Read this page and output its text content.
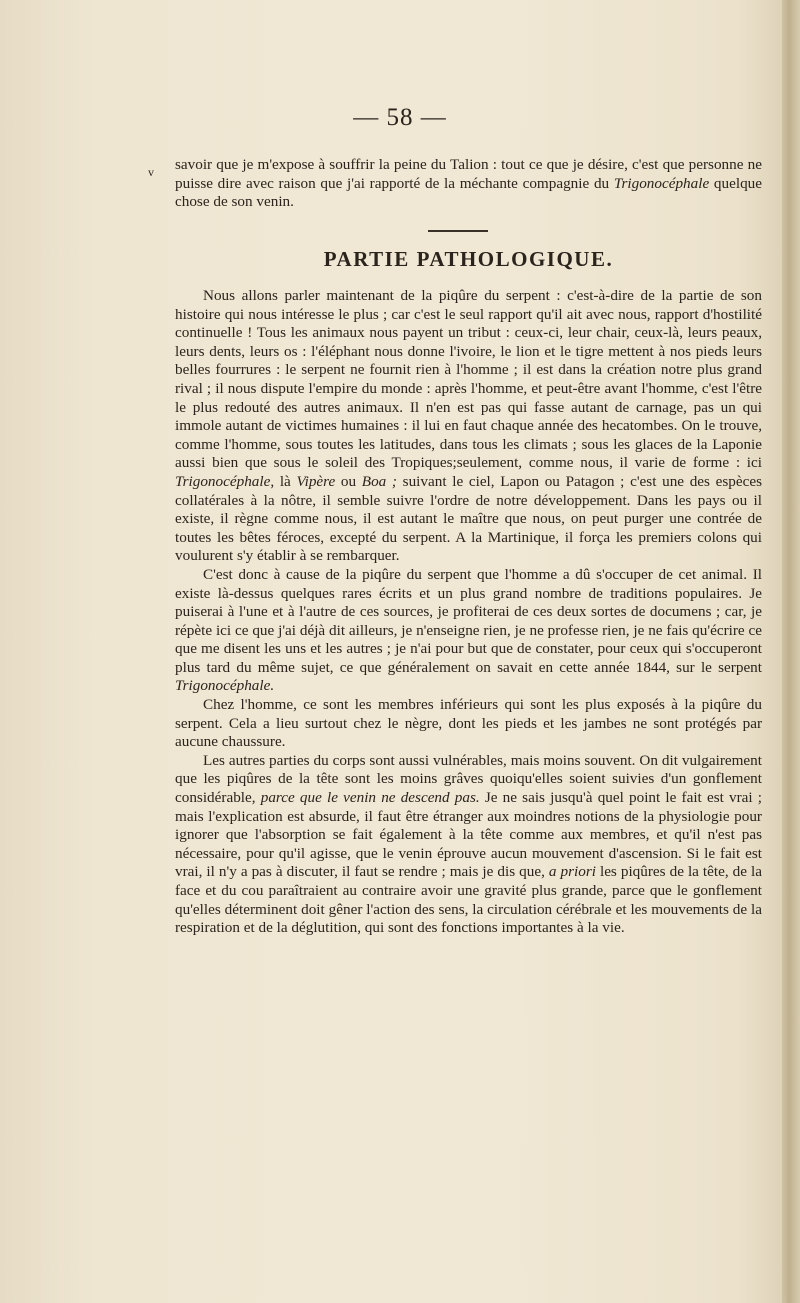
— 58 —
v savoir que je m'expose à souffrir la peine du Talion : tout ce que je désire, c'est que personne ne puisse dire avec raison que j'ai rapporté de la méchante compagnie du Trigonocéphale quelque chose de son venin.

PARTIE PATHOLOGIQUE.

Nous allons parler maintenant de la piqûre du serpent : c'est-à-dire de la partie de son histoire qui nous intéresse le plus ; car c'est le seul rapport qu'il ait avec nous, rapport d'hostilité continuelle ! Tous les animaux nous payent un tribut : ceux-ci, leur chair, ceux-là, leurs peaux, leurs dents, leurs os : l'éléphant nous donne l'ivoire, le lion et le tigre mettent à nos pieds leurs belles fourrures : le serpent ne fournit rien à l'homme ; il est dans la création notre plus grand rival ; il nous dispute l'empire du monde : après l'homme, et peut-être avant l'homme, c'est l'être le plus redouté des autres animaux. Il n'en est pas qui fasse autant de carnage, pas un qui immole autant de victimes humaines : il lui en faut chaque année des hecatombes. On le trouve, comme l'homme, sous toutes les latitudes, dans tous les climats ; sous les glaces de la Laponie aussi bien que sous le soleil des Tropiques;seulement, comme nous, il varie de forme : ici Trigonocéphale, là Vipère ou Boa ; suivant le ciel, Lapon ou Patagon ; c'est une des espèces collatérales à la nôtre, il semble suivre l'ordre de notre développement. Dans les pays ou il existe, il règne comme nous, il est autant le maître que nous, on peut purger une contrée de toutes les bêtes féroces, excepté du serpent. A la Martinique, il força les premiers colons qui voulurent s'y établir à se rembarquer.

C'est donc à cause de la piqûre du serpent que l'homme a dû s'occuper de cet animal. Il existe là-dessus quelques rares écrits et un plus grand nombre de traditions populaires. Je puiserai à l'une et à l'autre de ces sources, je profiterai de ces deux sortes de documens ; car, je répète ici ce que j'ai déjà dit ailleurs, je n'enseigne rien, je ne professe rien, je ne fais qu'écrire ce que me disent les uns et les autres ; je n'ai pour but que de constater, pour ceux qui s'occuperont plus tard du même sujet, ce que généralement on savait en cette année 1844, sur le serpent Trigonocéphale.

Chez l'homme, ce sont les membres inférieurs qui sont les plus exposés à la piqûre du serpent. Cela a lieu surtout chez le nègre, dont les pieds et les jambes ne sont protégés par aucune chaussure.

Les autres parties du corps sont aussi vulnérables, mais moins souvent. On dit vulgairement que les piqûres de la tête sont les moins grâves quoiqu'elles soient suivies d'un gonflement considérable, parce que le venin ne descend pas. Je ne sais jusqu'à quel point le fait est vrai ; mais l'explication est absurde, il faut être étranger aux moindres notions de la physiologie pour ignorer que l'absorption se fait également à la tête comme aux membres, et qu'il n'est pas nécessaire, pour qu'il agisse, que le venin éprouve aucun mouvement d'ascension. Si le fait est vrai, il n'y a pas à discuter, il faut se rendre ; mais je dis que, a priori les piqûres de la tête, de la face et du cou paraîtraient au contraire avoir une gravité plus grande, parce que le gonflement qu'elles déterminent doit gêner l'action des sens, la circulation cérébrale et les mouvements de la respiration et de la déglutition, qui sont des fonctions importantes à la vie.
